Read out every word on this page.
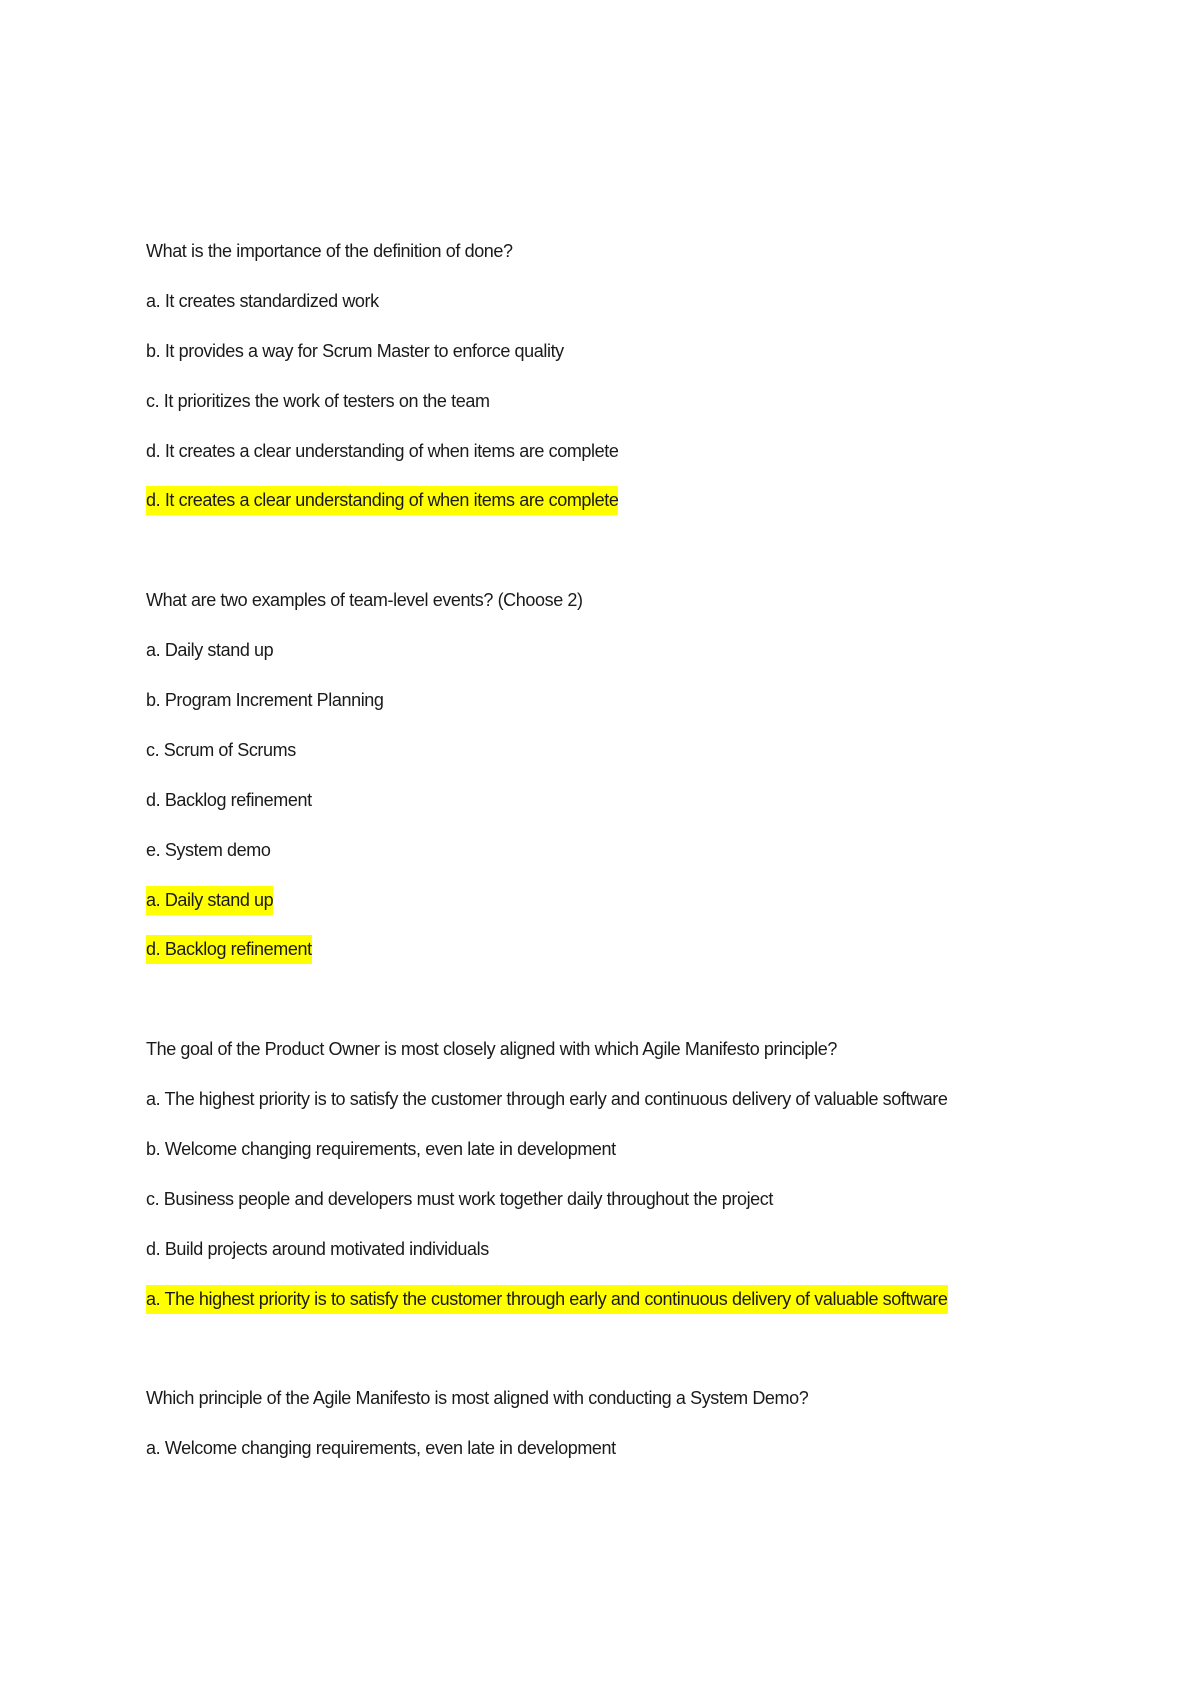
What is the importance of the definition of done?
a. It creates standardized work
b. It provides a way for Scrum Master to enforce quality
c. It prioritizes the work of testers on the team
d. It creates a clear understanding of when items are complete
d. It creates a clear understanding of when items are complete
What are two examples of team-level events? (Choose 2)
a. Daily stand up
b. Program Increment Planning
c. Scrum of Scrums
d. Backlog refinement
e. System demo
a. Daily stand up
d. Backlog refinement
The goal of the Product Owner is most closely aligned with which Agile Manifesto principle?
a. The highest priority is to satisfy the customer through early and continuous delivery of valuable software
b. Welcome changing requirements, even late in development
c. Business people and developers must work together daily throughout the project
d. Build projects around motivated individuals
a. The highest priority is to satisfy the customer through early and continuous delivery of valuable software
Which principle of the Agile Manifesto is most aligned with conducting a System Demo?
a. Welcome changing requirements, even late in development
